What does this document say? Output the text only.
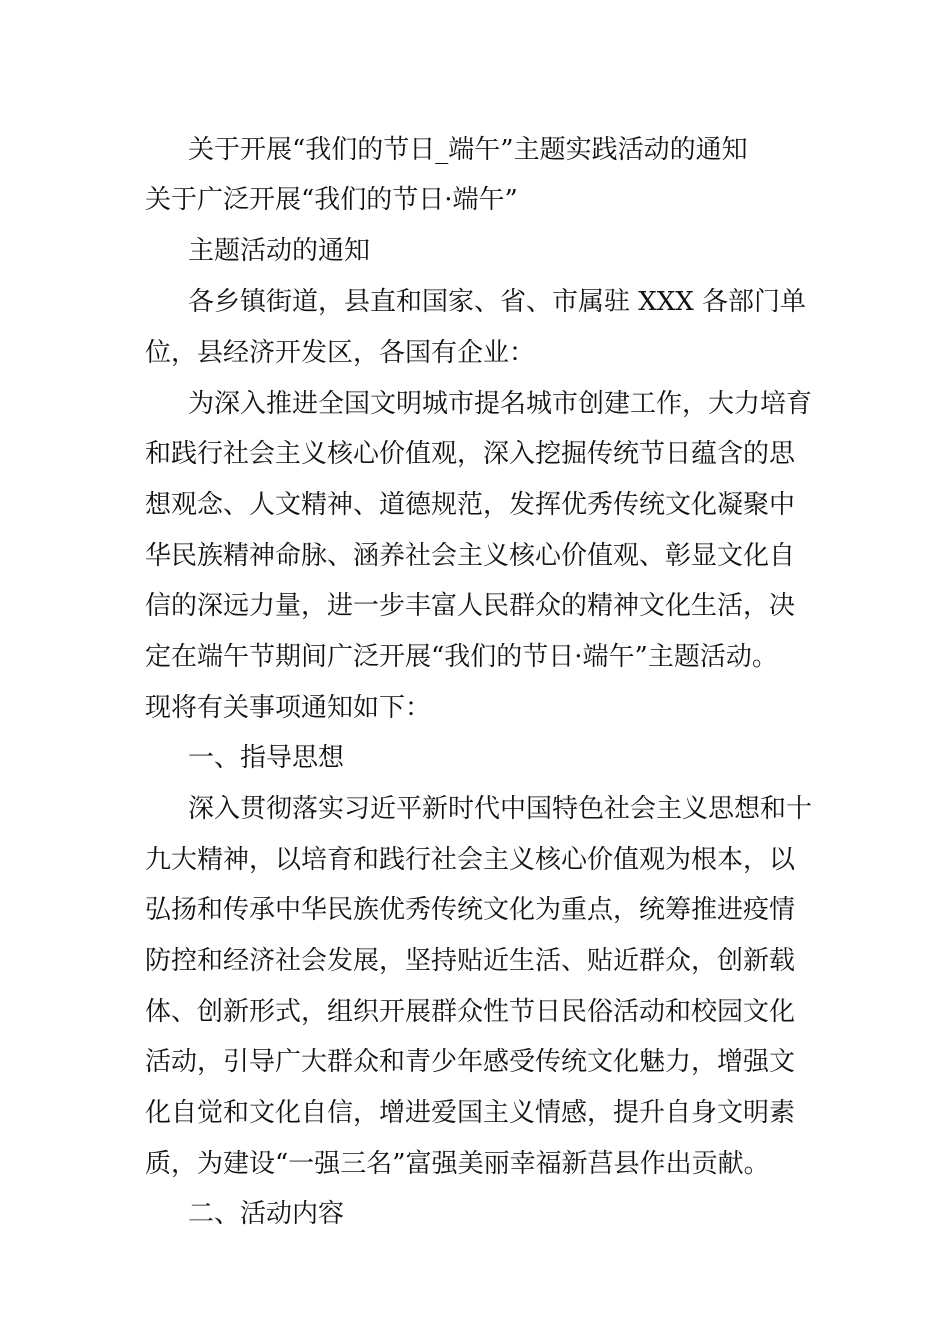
关于开展“我们的节日_端午”主题实践活动的通知
关于广泛开展“我们的节日·端午”
主题活动的通知
各乡镇街道，县直和国家、省、市属驻 XXX 各部门单
位，县经济开发区，各国有企业：
为深入推进全国文明城市提名城市创建工作，大力培育
和践行社会主义核心价值观，深入挖掘传统节日蕴含的思
想观念、人文精神、道德规范，发挥优秀传统文化凝聚中
华民族精神命脉、涵养社会主义核心价值观、彰显文化自
信的深远力量，进一步丰富人民群众的精神文化生活，决
定在端午节期间广泛开展“我们的节日·端午”主题活动。
现将有关事项通知如下：
一、指导思想
深入贯彻落实习近平新时代中国特色社会主义思想和十
九大精神，以培育和践行社会主义核心价值观为根本，以
弘扬和传承中华民族优秀传统文化为重点，统筹推进疫情
防控和经济社会发展，坚持贴近生活、贴近群众，创新载
体、创新形式，组织开展群众性节日民俗活动和校园文化
活动，引导广大群众和青少年感受传统文化魅力，增强文
化自觉和文化自信，增进爱国主义情感，提升自身文明素
质，为建设“一强三名”富强美丽幸福新莒县作出贡献。
二、活动内容
